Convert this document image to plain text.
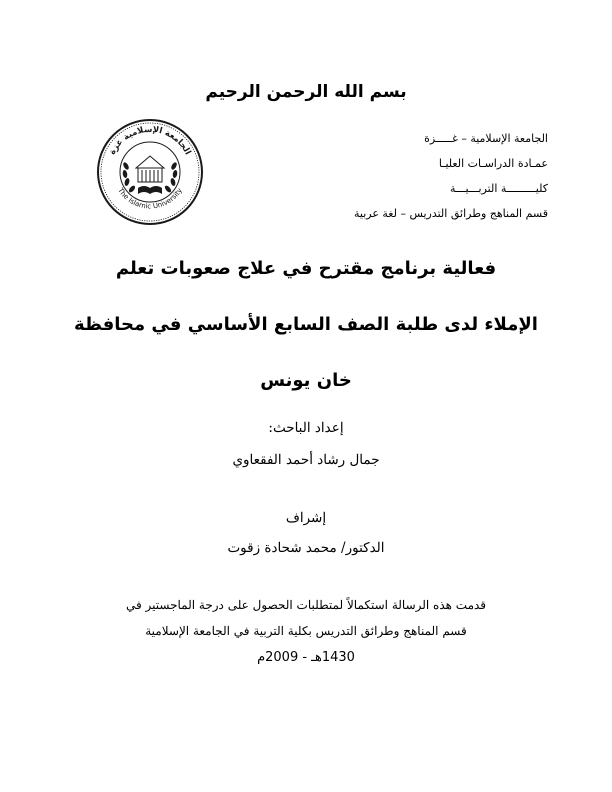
بسم الله الرحمن الرحيم
الجامعة الإسلامية – غـــــزة
عمـادة الدراسـات العليـا
كليـــــــــة التربـــيـــة
قسم المناهج وطرائق التدريس – لغة عربية
الجامعة الإسلامية غزة
The Islamic University
فعالية برنامج مقترح في علاج صعوبات تعلم
الإملاء لدى طلبة الصف السابع الأساسي في محافظة
خان يونس
إعداد الباحث:
جمال رشاد أحمد الفقعاوي
إشراف
الدكتور/ محمد شحادة زقوت
قدمت هذه الرسالة استكمالاً لمتطلبات الحصول على درجة الماجستير في
قسم المناهج وطرائق التدريس بكلية التربية في الجامعة الإسلامية
1430هـ - 2009م
